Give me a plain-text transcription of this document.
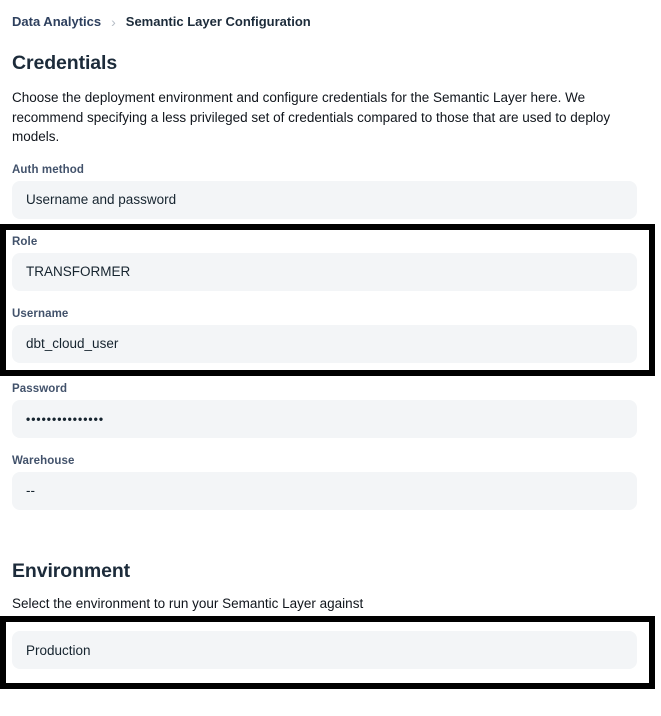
Data Analytics › Semantic Layer Configuration
Credentials

Choose the deployment environment and configure credentials for the Semantic Layer here. We recommend specifying a less privileged set of credentials compared to those that are used to deploy models.

Auth method
Username and password
Role
TRANSFORMER
Username
dbt_cloud_user
Password
•••••••••••••••
Warehouse
--
Environment

Select the environment to run your Semantic Layer against

Production
